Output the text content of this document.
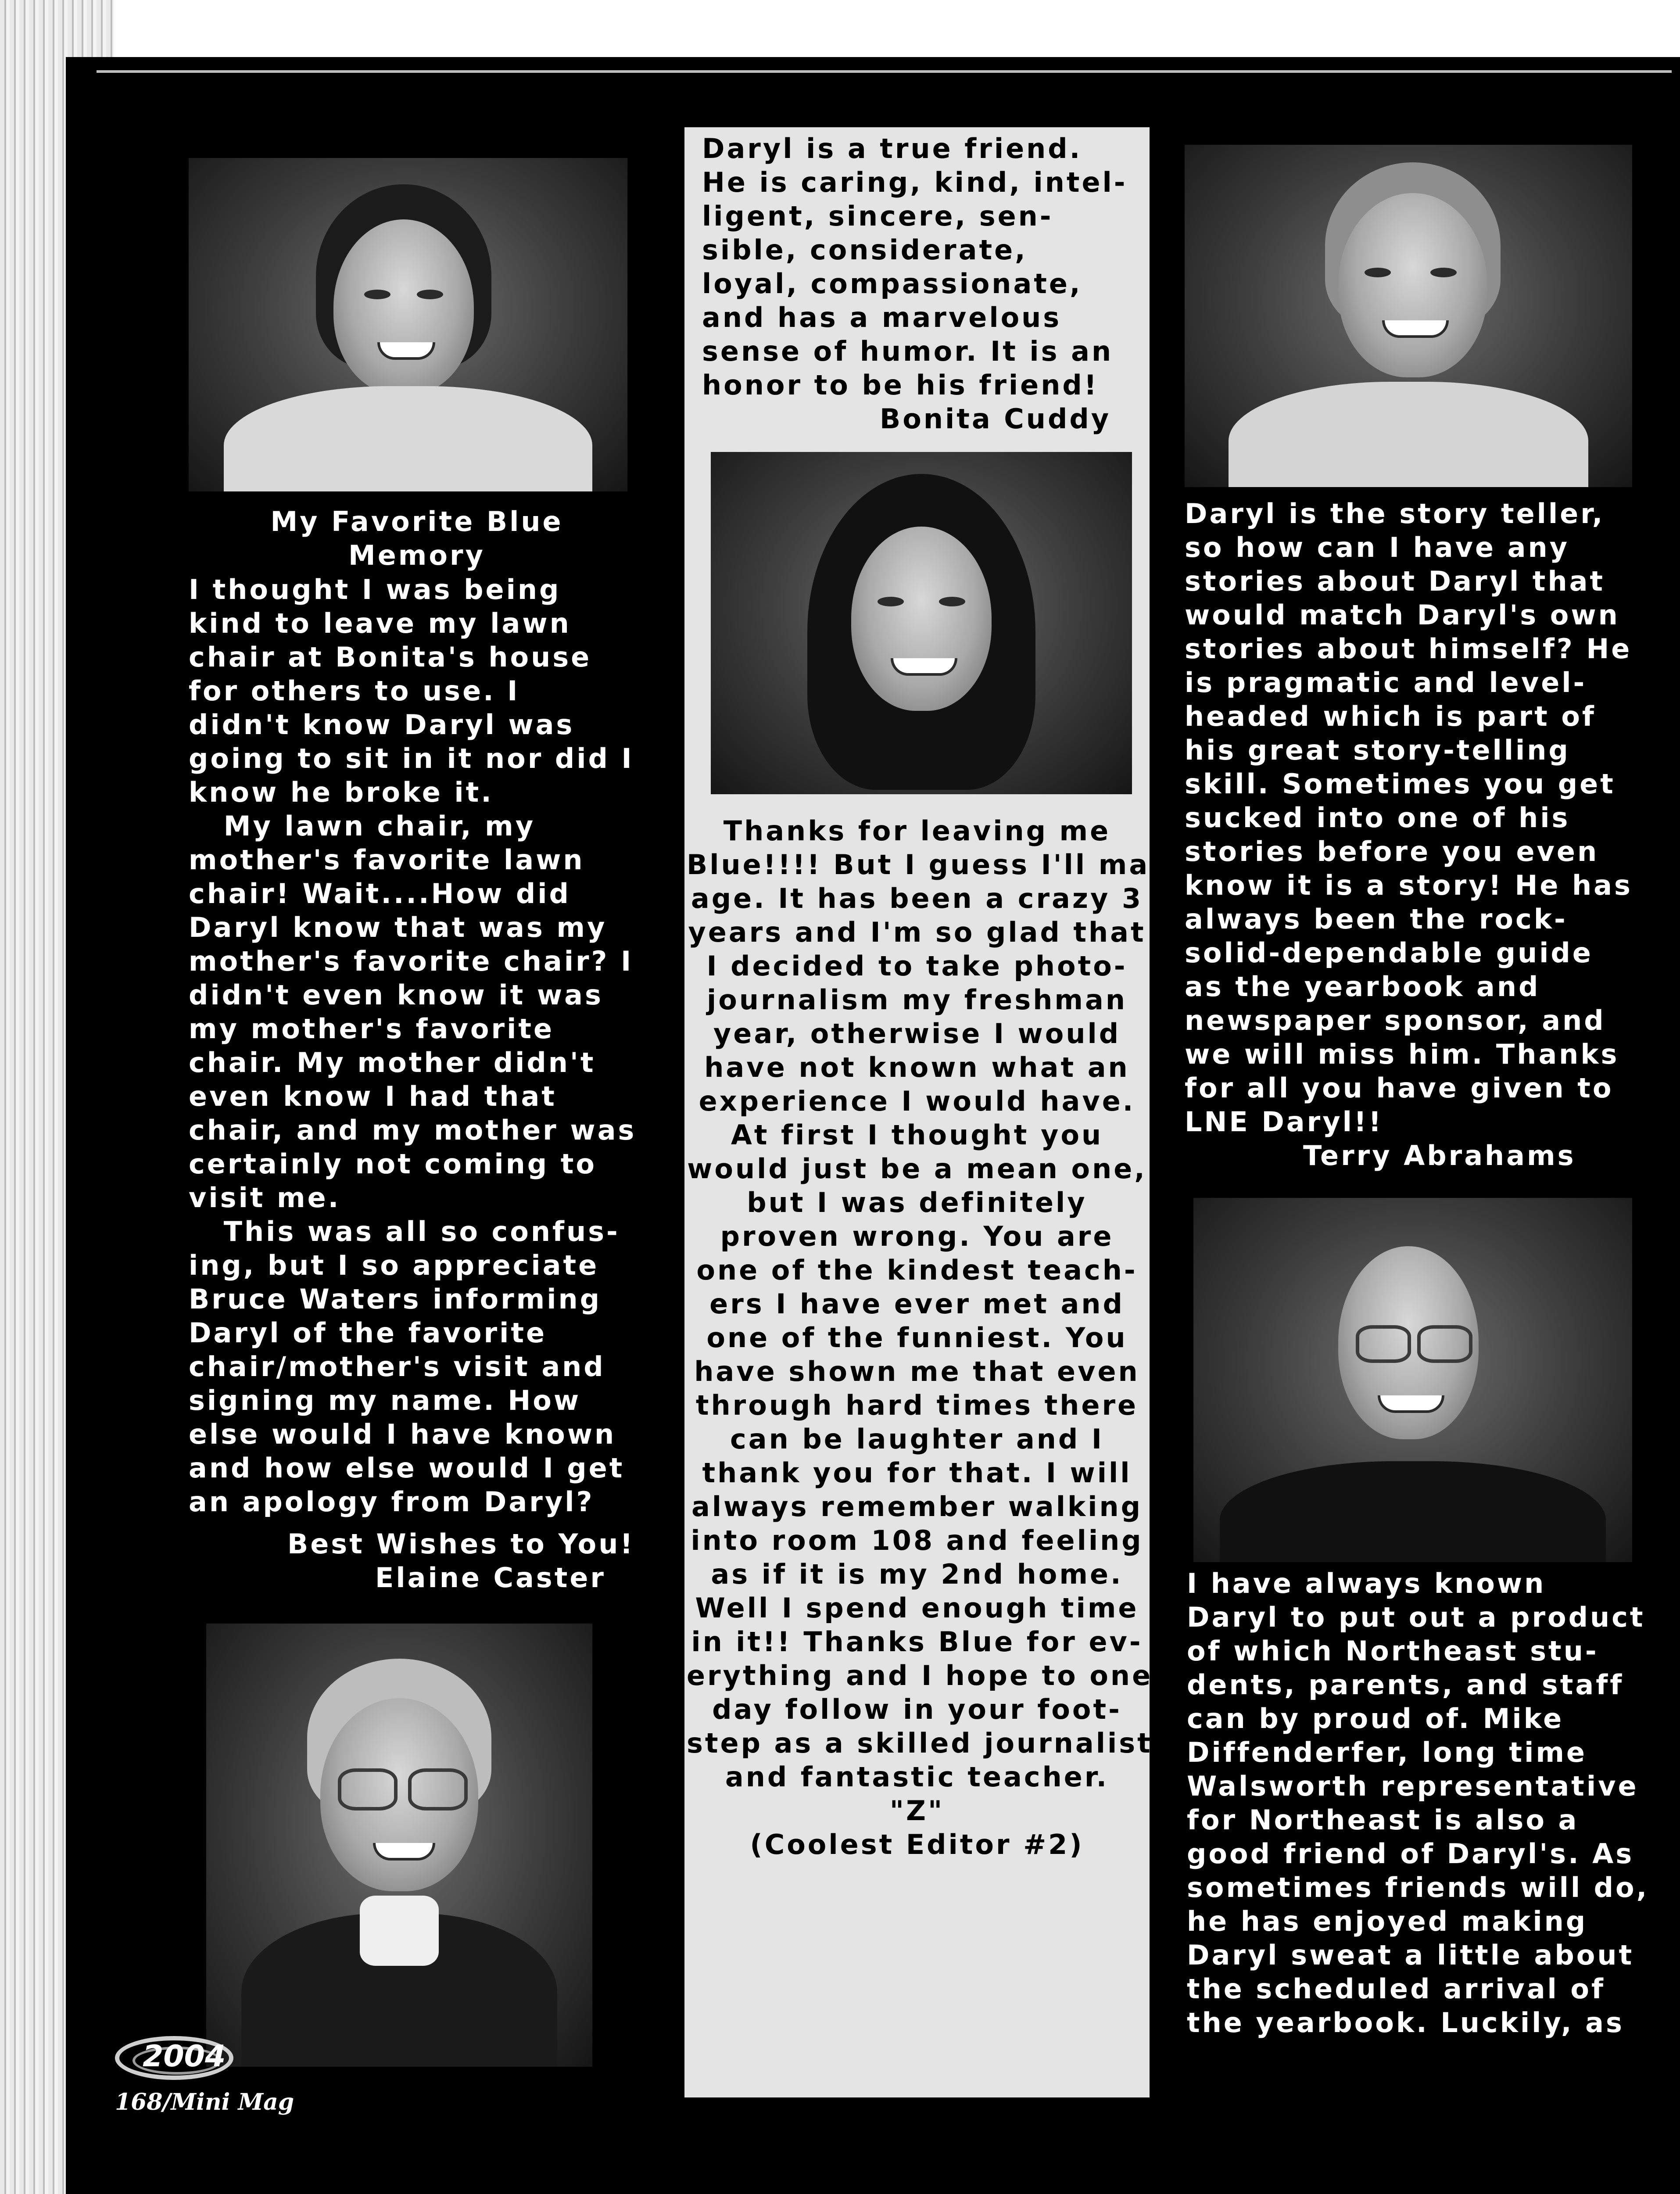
My Favorite Blue
Memory
I thought I was being
kind to leave my lawn
chair at Bonita's house
for others to use. I
didn't know Daryl was
going to sit in it nor did I
know he broke it.
My lawn chair, my
mother's favorite lawn
chair! Wait....How did
Daryl know that was my
mother's favorite chair? I
didn't even know it was
my mother's favorite
chair. My mother didn't
even know I had that
chair, and my mother was
certainly not coming to
visit me.
This was all so confus-
ing, but I so appreciate
Bruce Waters informing
Daryl of the favorite
chair/mother's visit and
signing my name. How
else would I have known
and how else would I get
an apology from Daryl?
Best Wishes to You!
Elaine Caster
Daryl is a true friend.
He is caring, kind, intel-
ligent, sincere, sen-
sible, considerate,
loyal, compassionate,
and has a marvelous
sense of humor. It is an
honor to be his friend!
Bonita Cuddy
Thanks for leaving me
Blue!!!! But I guess I'll man-
age. It has been a crazy 3
years and I'm so glad that
I decided to take photo-
journalism my freshman
year, otherwise I would
have not known what an
experience I would have.
At first I thought you
would just be a mean one,
but I was definitely
proven wrong. You are
one of the kindest teach-
ers I have ever met and
one of the funniest. You
have shown me that even
through hard times there
can be laughter and I
thank you for that. I will
always remember walking
into room 108 and feeling
as if it is my 2nd home.
Well I spend enough time
in it!! Thanks Blue for ev-
erything and I hope to one
day follow in your foot-
step as a skilled journalist
and fantastic teacher.
"Z"
(Coolest Editor #2)
Daryl is the story teller,
so how can I have any
stories about Daryl that
would match Daryl's own
stories about himself? He
is pragmatic and level-
headed which is part of
his great story-telling
skill. Sometimes you get
sucked into one of his
stories before you even
know it is a story! He has
always been the rock-
solid-dependable guide
as the yearbook and
newspaper sponsor, and
we will miss him. Thanks
for all you have given to
LNE Daryl!!
Terry Abrahams
I have always known
Daryl to put out a product
of which Northeast stu-
dents, parents, and staff
can by proud of. Mike
Diffenderfer, long time
Walsworth representative
for Northeast is also a
good friend of Daryl's. As
sometimes friends will do,
he has enjoyed making
Daryl sweat a little about
the scheduled arrival of
the yearbook. Luckily, as
2004
168/Mini Mag
